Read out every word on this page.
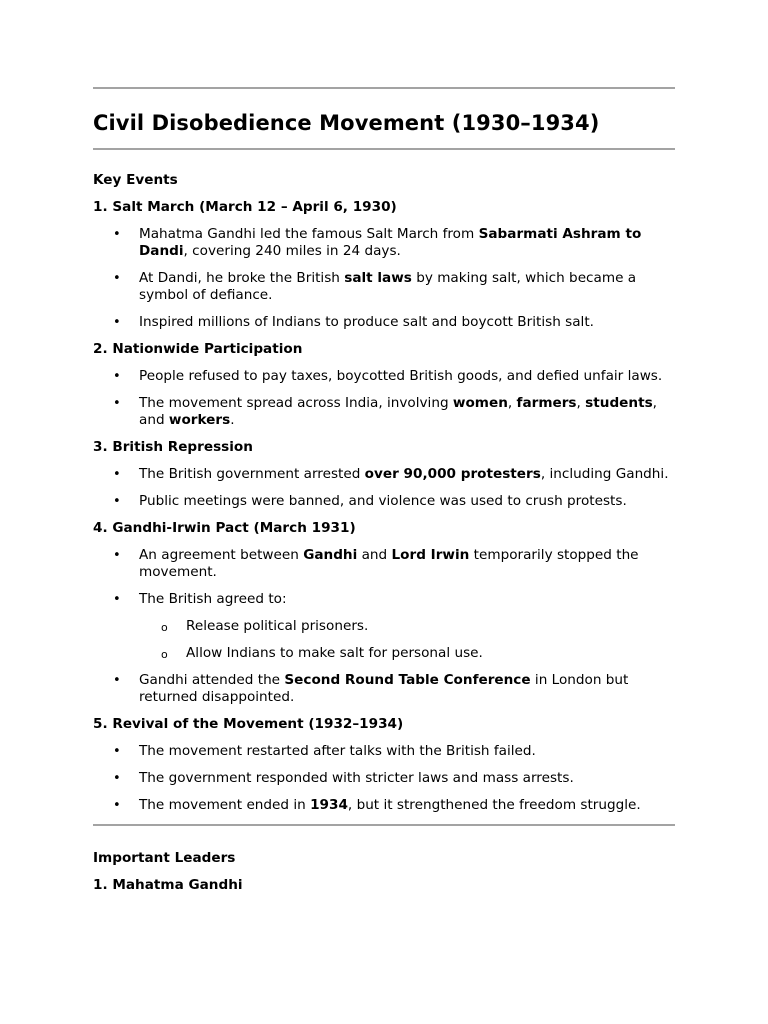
Civil Disobedience Movement (1930–1934)
Key Events
1. Salt March (March 12 – April 6, 1930)
• Mahatma Gandhi led the famous Salt March from Sabarmati Ashram to Dandi, covering 240 miles in 24 days.
• At Dandi, he broke the British salt laws by making salt, which became a symbol of defiance.
• Inspired millions of Indians to produce salt and boycott British salt.
2. Nationwide Participation
• People refused to pay taxes, boycotted British goods, and defied unfair laws.
• The movement spread across India, involving women, farmers, students, and workers.
3. British Repression
• The British government arrested over 90,000 protesters, including Gandhi.
• Public meetings were banned, and violence was used to crush protests.
4. Gandhi-Irwin Pact (March 1931)
• An agreement between Gandhi and Lord Irwin temporarily stopped the movement.
• The British agreed to:
o Release political prisoners.
o Allow Indians to make salt for personal use.
• Gandhi attended the Second Round Table Conference in London but returned disappointed.
5. Revival of the Movement (1932–1934)
• The movement restarted after talks with the British failed.
• The government responded with stricter laws and mass arrests.
• The movement ended in 1934, but it strengthened the freedom struggle.
Important Leaders
1. Mahatma Gandhi
